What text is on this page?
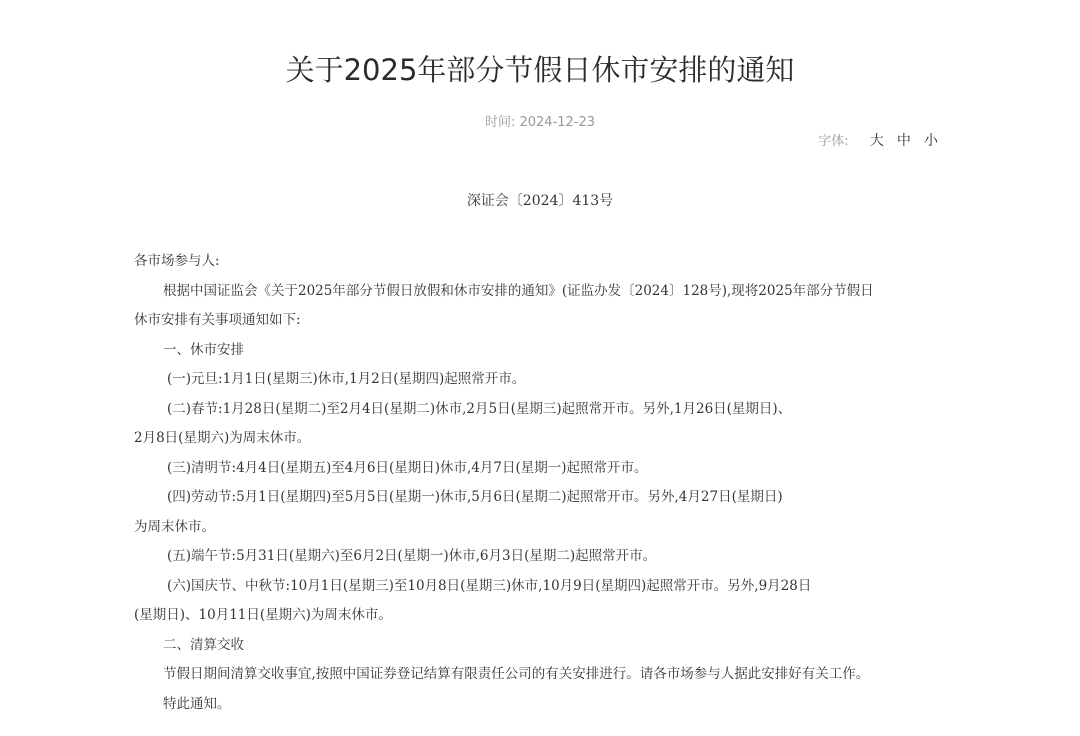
关于2025年部分节假日休市安排的通知
时间: 2024-12-23
字体: 大 中 小
深证会〔2024〕413号

各市场参与人:

根据中国证监会《关于2025年部分节假日放假和休市安排的通知》(证监办发〔2024〕128号),现将2025年部分节假日

休市安排有关事项通知如下:

一、休市安排

(一)元旦:1月1日(星期三)休市,1月2日(星期四)起照常开市。

(二)春节:1月28日(星期二)至2月4日(星期二)休市,2月5日(星期三)起照常开市。另外,1月26日(星期日)、

2月8日(星期六)为周末休市。

(三)清明节:4月4日(星期五)至4月6日(星期日)休市,4月7日(星期一)起照常开市。

(四)劳动节:5月1日(星期四)至5月5日(星期一)休市,5月6日(星期二)起照常开市。另外,4月27日(星期日)

为周末休市。

(五)端午节:5月31日(星期六)至6月2日(星期一)休市,6月3日(星期二)起照常开市。

(六)国庆节、中秋节:10月1日(星期三)至10月8日(星期三)休市,10月9日(星期四)起照常开市。另外,9月28日

(星期日)、10月11日(星期六)为周末休市。

二、清算交收

节假日期间清算交收事宜,按照中国证券登记结算有限责任公司的有关安排进行。请各市场参与人据此安排好有关工作。

特此通知。
